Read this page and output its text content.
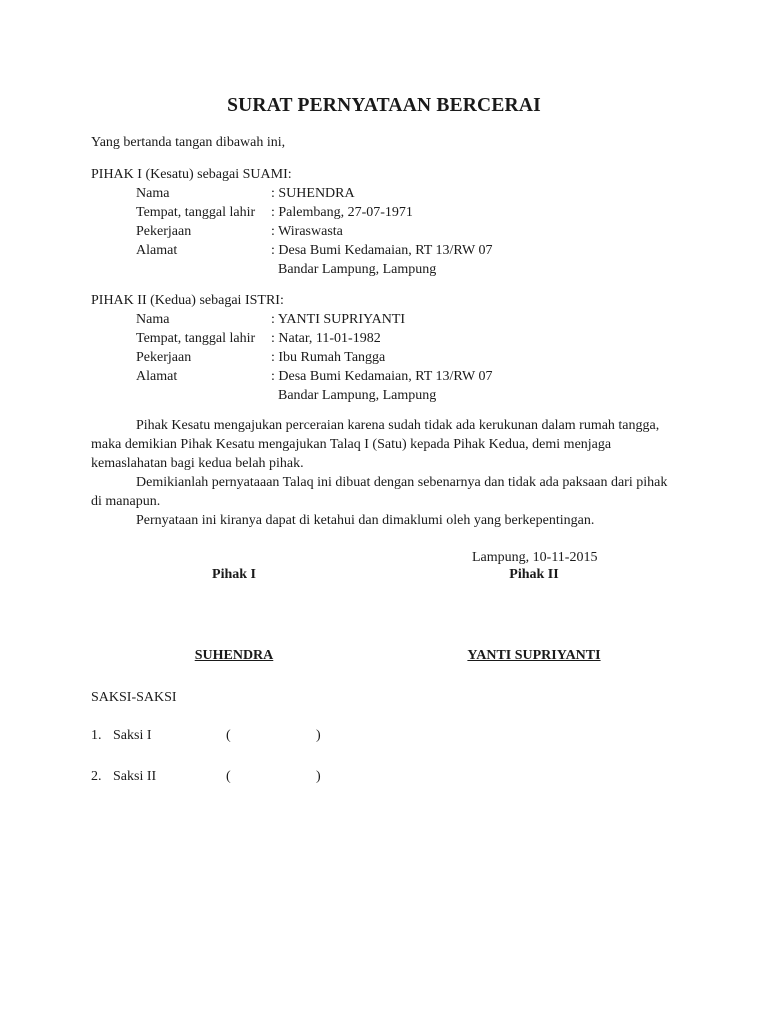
SURAT PERNYATAAN BERCERAI
Yang bertanda tangan dibawah ini,
PIHAK I (Kesatu) sebagai SUAMI:
Nama	: SUHENDRA
Tempat, tanggal lahir : Palembang, 27-07-1971
Pekerjaan	: Wiraswasta
Alamat	: Desa Bumi Kedamaian, RT 13/RW 07
Bandar Lampung, Lampung
PIHAK II (Kedua) sebagai ISTRI:
Nama	: YANTI SUPRIYANTI
Tempat, tanggal lahir : Natar, 11-01-1982
Pekerjaan	: Ibu Rumah Tangga
Alamat	: Desa Bumi Kedamaian, RT 13/RW 07
Bandar Lampung, Lampung
Pihak Kesatu mengajukan perceraian karena sudah tidak ada kerukunan dalam rumah tangga, maka demikian Pihak Kesatu mengajukan Talaq I (Satu) kepada Pihak Kedua, demi menjaga kemaslahatan bagi kedua belah pihak.
Demikianlah pernyataaan Talaq ini dibuat dengan sebenarnya dan tidak ada paksaan dari pihak di manapun.
Pernyataan ini kiranya dapat di ketahui dan dimaklumi oleh yang berkepentingan.
Lampung, 10-11-2015
Pihak I	Pihak II
SUHENDRA	YANTI SUPRIYANTI
SAKSI-SAKSI
1. Saksi I	(	)
2. Saksi II	(	)
